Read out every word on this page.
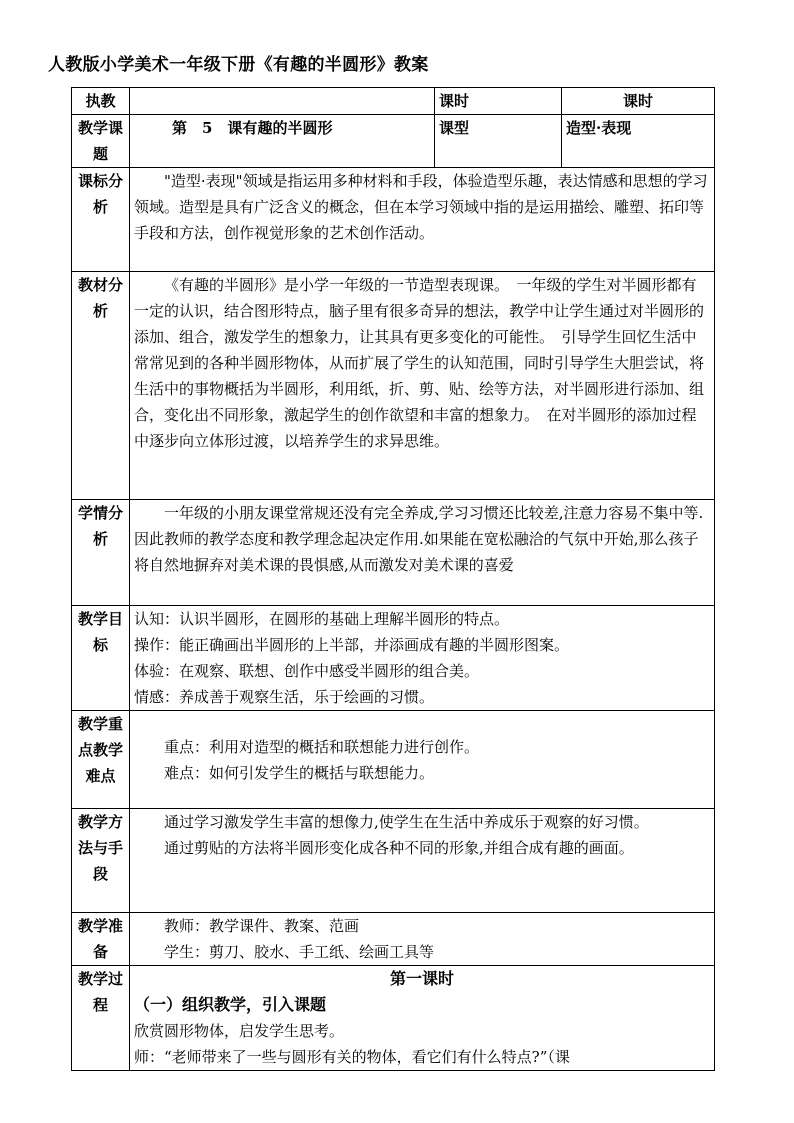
人教版小学美术一年级下册《有趣的半圆形》教案
执教		课时	课时
教学课题	第　5　课有趣的半圆形	课型	造型·表现
课标分析	"造型·表现"领域是指运用多种材料和手段，体验造型乐趣，表达情感和思想的学习领域。造型是具有广泛含义的概念，但在本学习领域中指的是运用描绘、雕塑、拓印等手段和方法，创作视觉形象的艺术创作活动。		

教材分析	《有趣的半圆形》是小学一年级的一节造型表现课。　一年级的学生对半圆形都有一定的认识，结合图形特点，脑子里有很多奇异的想法，教学中让学生通过对半圆形的添加、组合，激发学生的想象力，让其具有更多变化的可能性。　引导学生回忆生活中常常见到的各种半圆形物体，从而扩展了学生的认知范围，同时引导学生大胆尝试，将生活中的事物概括为半圆形，利用纸，折、剪、贴、绘等方法，对半圆形进行添加、组合，变化出不同形象，激起学生的创作欲望和丰富的想象力。　在对半圆形的添加过程中逐步向立体形过渡，以培养学生的求异思维。		

学情分析	一年级的小朋友课堂常规还没有完全养成,学习习惯还比较差,注意力容易不集中等.因此教师的教学态度和教学理念起决定作用.如果能在宽松融洽的气氛中开始,那么孩子将自然地摒弃对美术课的畏惧感,从而激发对美术课的喜爱		

教学目标	认知：认识半圆形，在圆形的基础上理解半圆形的特点。

操作：能正确画出半圆形的上半部，并添画成有趣的半圆形图案。

体验：在观察、联想、创作中感受半圆形的组合美。

情感：养成善于观察生活，乐于绘画的习惯。		

教学重点教学难点	重点：利用对造型的概括和联想能力进行创作。

难点：如何引发学生的概括与联想能力。		

教学方法与手段	通过学习激发学生丰富的想像力,使学生在生活中养成乐于观察的好习惯。

通过剪贴的方法将半圆形变化成各种不同的形象,并组合成有趣的画面。		

教学准备	教师：教学课件、教案、范画

学生：剪刀、胶水、手工纸、绘画工具等		

教学过程	第一课时

（一）组织教学，引入课题

欣赏圆形物体，启发学生思考。

师：“老师带来了一些与圆形有关的物体，看它们有什么特点?”（课		
